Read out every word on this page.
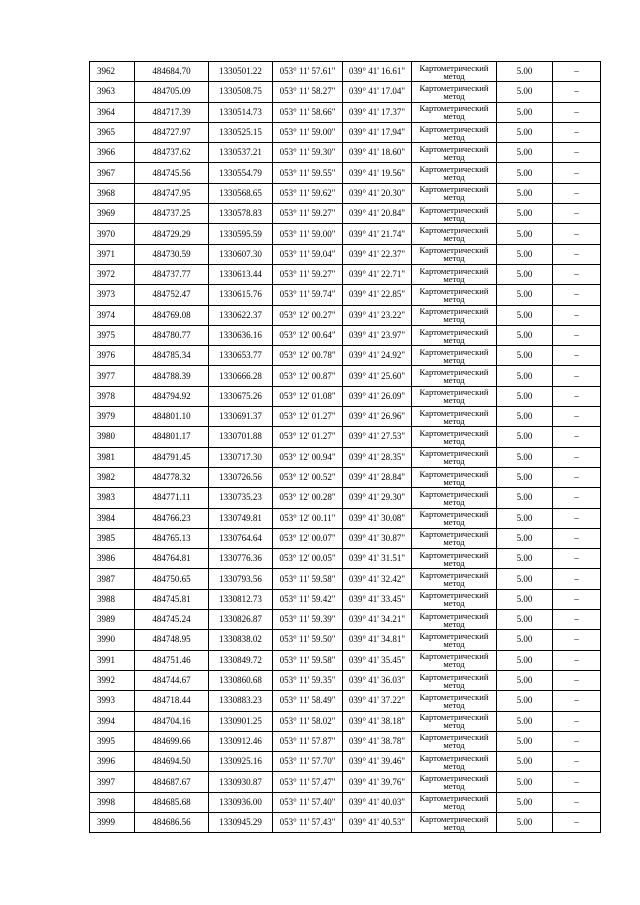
3962	484684.70	1330501.22	053° 11' 57.61"	039° 41' 16.61"	Картометрический метод	5.00	–
3963	484705.09	1330508.75	053° 11' 58.27"	039° 41' 17.04"	Картометрический метод	5.00	–
3964	484717.39	1330514.73	053° 11' 58.66"	039° 41' 17.37"	Картометрический метод	5.00	–
3965	484727.97	1330525.15	053° 11' 59.00"	039° 41' 17.94"	Картометрический метод	5.00	–
3966	484737.62	1330537.21	053° 11' 59.30"	039° 41' 18.60"	Картометрический метод	5.00	–
3967	484745.56	1330554.79	053° 11' 59.55"	039° 41' 19.56"	Картометрический метод	5.00	–
3968	484747.95	1330568.65	053° 11' 59.62"	039° 41' 20.30"	Картометрический метод	5.00	–
3969	484737.25	1330578.83	053° 11' 59.27"	039° 41' 20.84"	Картометрический метод	5.00	–
3970	484729.29	1330595.59	053° 11' 59.00"	039° 41' 21.74"	Картометрический метод	5.00	–
3971	484730.59	1330607.30	053° 11' 59.04"	039° 41' 22.37"	Картометрический метод	5.00	–
3972	484737.77	1330613.44	053° 11' 59.27"	039° 41' 22.71"	Картометрический метод	5.00	–
3973	484752.47	1330615.76	053° 11' 59.74"	039° 41' 22.85"	Картометрический метод	5.00	–
3974	484769.08	1330622.37	053° 12' 00.27"	039° 41' 23.22"	Картометрический метод	5.00	–
3975	484780.77	1330636.16	053° 12' 00.64"	039° 41' 23.97"	Картометрический метод	5.00	–
3976	484785.34	1330653.77	053° 12' 00.78"	039° 41' 24.92"	Картометрический метод	5.00	–
3977	484788.39	1330666.28	053° 12' 00.87"	039° 41' 25.60"	Картометрический метод	5.00	–
3978	484794.92	1330675.26	053° 12' 01.08"	039° 41' 26.09"	Картометрический метод	5.00	–
3979	484801.10	1330691.37	053° 12' 01.27"	039° 41' 26.96"	Картометрический метод	5.00	–
3980	484801.17	1330701.88	053° 12' 01.27"	039° 41' 27.53"	Картометрический метод	5.00	–
3981	484791.45	1330717.30	053° 12' 00.94"	039° 41' 28.35"	Картометрический метод	5.00	–
3982	484778.32	1330726.56	053° 12' 00.52"	039° 41' 28.84"	Картометрический метод	5.00	–
3983	484771.11	1330735.23	053° 12' 00.28"	039° 41' 29.30"	Картометрический метод	5.00	–
3984	484766.23	1330749.81	053° 12' 00.11"	039° 41' 30.08"	Картометрический метод	5.00	–
3985	484765.13	1330764.64	053° 12' 00.07"	039° 41' 30.87"	Картометрический метод	5.00	–
3986	484764.81	1330776.36	053° 12' 00.05"	039° 41' 31.51"	Картометрический метод	5.00	–
3987	484750.65	1330793.56	053° 11' 59.58"	039° 41' 32.42"	Картометрический метод	5.00	–
3988	484745.81	1330812.73	053° 11' 59.42"	039° 41' 33.45"	Картометрический метод	5.00	–
3989	484745.24	1330826.87	053° 11' 59.39"	039° 41' 34.21"	Картометрический метод	5.00	–
3990	484748.95	1330838.02	053° 11' 59.50"	039° 41' 34.81"	Картометрический метод	5.00	–
3991	484751.46	1330849.72	053° 11' 59.58"	039° 41' 35.45"	Картометрический метод	5.00	–
3992	484744.67	1330860.68	053° 11' 59.35"	039° 41' 36.03"	Картометрический метод	5.00	–
3993	484718.44	1330883.23	053° 11' 58.49"	039° 41' 37.22"	Картометрический метод	5.00	–
3994	484704.16	1330901.25	053° 11' 58.02"	039° 41' 38.18"	Картометрический метод	5.00	–
3995	484699.66	1330912.46	053° 11' 57.87"	039° 41' 38.78"	Картометрический метод	5.00	–
3996	484694.50	1330925.16	053° 11' 57.70"	039° 41' 39.46"	Картометрический метод	5.00	–
3997	484687.67	1330930.87	053° 11' 57.47"	039° 41' 39.76"	Картометрический метод	5.00	–
3998	484685.68	1330936.00	053° 11' 57.40"	039° 41' 40.03"	Картометрический метод	5.00	–
3999	484686.56	1330945.29	053° 11' 57.43"	039° 41' 40.53"	Картометрический метод	5.00	–
